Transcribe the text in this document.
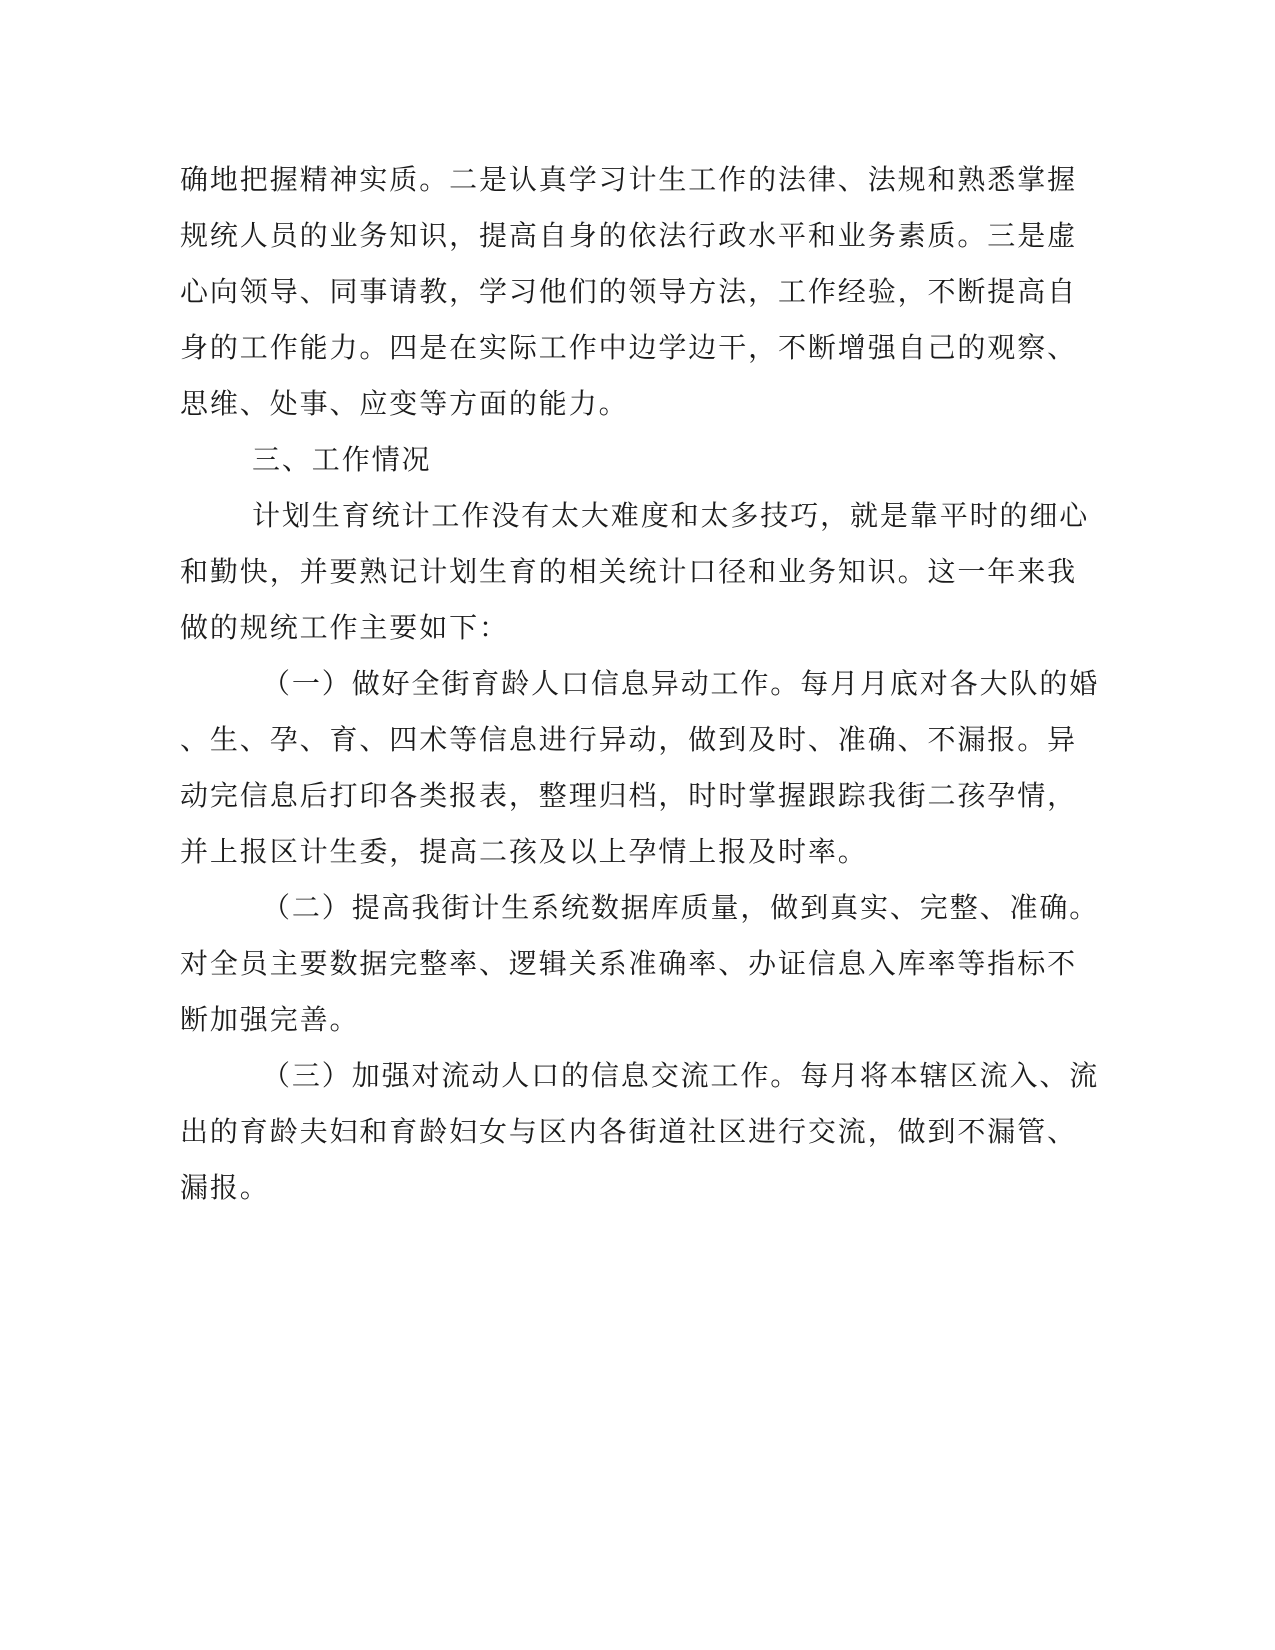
确地把握精神实质。二是认真学习计生工作的法律、法规和熟悉掌握
规统人员的业务知识，提高自身的依法行政水平和业务素质。三是虚
心向领导、同事请教，学习他们的领导方法，工作经验，不断提高自
身的工作能力。四是在实际工作中边学边干，不断增强自己的观察、
思维、处事、应变等方面的能力。
三、工作情况
计划生育统计工作没有太大难度和太多技巧，就是靠平时的细心
和勤快，并要熟记计划生育的相关统计口径和业务知识。这一年来我
做的规统工作主要如下：
（一）做好全街育龄人口信息异动工作。每月月底对各大队的婚
、生、孕、育、四术等信息进行异动，做到及时、准确、不漏报。异
动完信息后打印各类报表，整理归档，时时掌握跟踪我街二孩孕情，
并上报区计生委，提高二孩及以上孕情上报及时率。
（二）提高我街计生系统数据库质量，做到真实、完整、准确。
对全员主要数据完整率、逻辑关系准确率、办证信息入库率等指标不
断加强完善。
（三）加强对流动人口的信息交流工作。每月将本辖区流入、流
出的育龄夫妇和育龄妇女与区内各街道社区进行交流，做到不漏管、
漏报。
